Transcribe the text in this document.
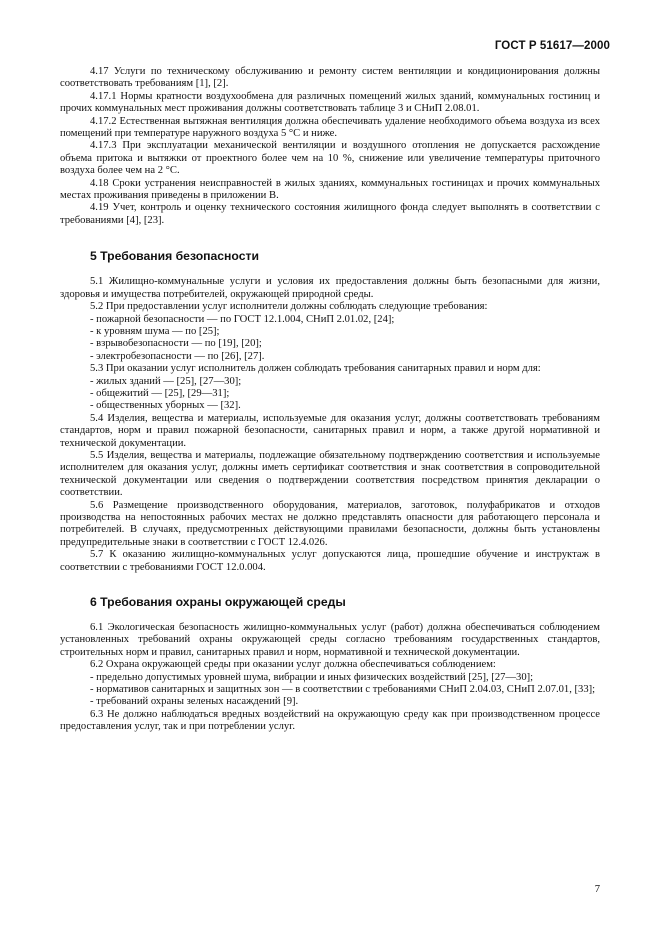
ГОСТ Р 51617—2000

4.17 Услуги по техническому обслуживанию и ремонту систем вентиляции и кондиционирования должны соответствовать требованиям [1], [2].

4.17.1 Нормы кратности воздухообмена для различных помещений жилых зданий, коммунальных гостиниц и прочих коммунальных мест проживания должны соответствовать таблице 3 и СНиП 2.08.01.

4.17.2 Естественная вытяжная вентиляция должна обеспечивать удаление необходимого объема воздуха из всех помещений при температуре наружного воздуха 5 °С и ниже.

4.17.3 При эксплуатации механической вентиляции и воздушного отопления не допускается расхождение объема притока и вытяжки от проектного более чем на 10 %, снижение или увеличение температуры приточного воздуха более чем на 2 °С.

4.18 Сроки устранения неисправностей в жилых зданиях, коммунальных гостиницах и прочих коммунальных местах проживания приведены в приложении В.

4.19 Учет, контроль и оценку технического состояния жилищного фонда следует выполнять в соответствии с требованиями [4], [23].

5 Требования безопасности

5.1 Жилищно-коммунальные услуги и условия их предоставления должны быть безопасными для жизни, здоровья и имущества потребителей, окружающей природной среды.

5.2 При предоставлении услуг исполнители должны соблюдать следующие требования:

- пожарной безопасности — по ГОСТ 12.1.004, СНиП 2.01.02, [24];

- к уровням шума — по [25];

- взрывобезопасности — по [19], [20];

- электробезопасности — по [26], [27].

5.3 При оказании услуг исполнитель должен соблюдать требования санитарных правил и норм для:

- жилых зданий — [25], [27—30];

- общежитий — [25], [29—31];

- общественных уборных — [32].

5.4 Изделия, вещества и материалы, используемые для оказания услуг, должны соответствовать требованиям стандартов, норм и правил пожарной безопасности, санитарных правил и норм, а также другой нормативной и технической документации.

5.5 Изделия, вещества и материалы, подлежащие обязательному подтверждению соответствия и используемые исполнителем для оказания услуг, должны иметь сертификат соответствия и знак соответствия в сопроводительной технической документации или сведения о подтверждении соответствия посредством принятия декларации о соответствии.

5.6 Размещение производственного оборудования, материалов, заготовок, полуфабрикатов и отходов производства на непостоянных рабочих местах не должно представлять опасности для работающего персонала и потребителей. В случаях, предусмотренных действующими правилами безопасности, должны быть установлены предупредительные знаки в соответствии с ГОСТ 12.4.026.

5.7 К оказанию жилищно-коммунальных услуг допускаются лица, прошедшие обучение и инструктаж в соответствии с требованиями ГОСТ 12.0.004.

6 Требования охраны окружающей среды

6.1 Экологическая безопасность жилищно-коммунальных услуг (работ) должна обеспечиваться соблюдением установленных требований охраны окружающей среды согласно требованиям государственных стандартов, строительных норм и правил, санитарных правил и норм, нормативной и технической документации.

6.2 Охрана окружающей среды при оказании услуг должна обеспечиваться соблюдением:

- предельно допустимых уровней шума, вибрации и иных физических воздействий [25], [27—30];

- нормативов санитарных и защитных зон — в соответствии с требованиями СНиП 2.04.03, СНиП 2.07.01, [33];

- требований охраны зеленых насаждений [9].

6.3 Не должно наблюдаться вредных воздействий на окружающую среду как при производственном процессе предоставления услуг, так и при потреблении услуг.

7
